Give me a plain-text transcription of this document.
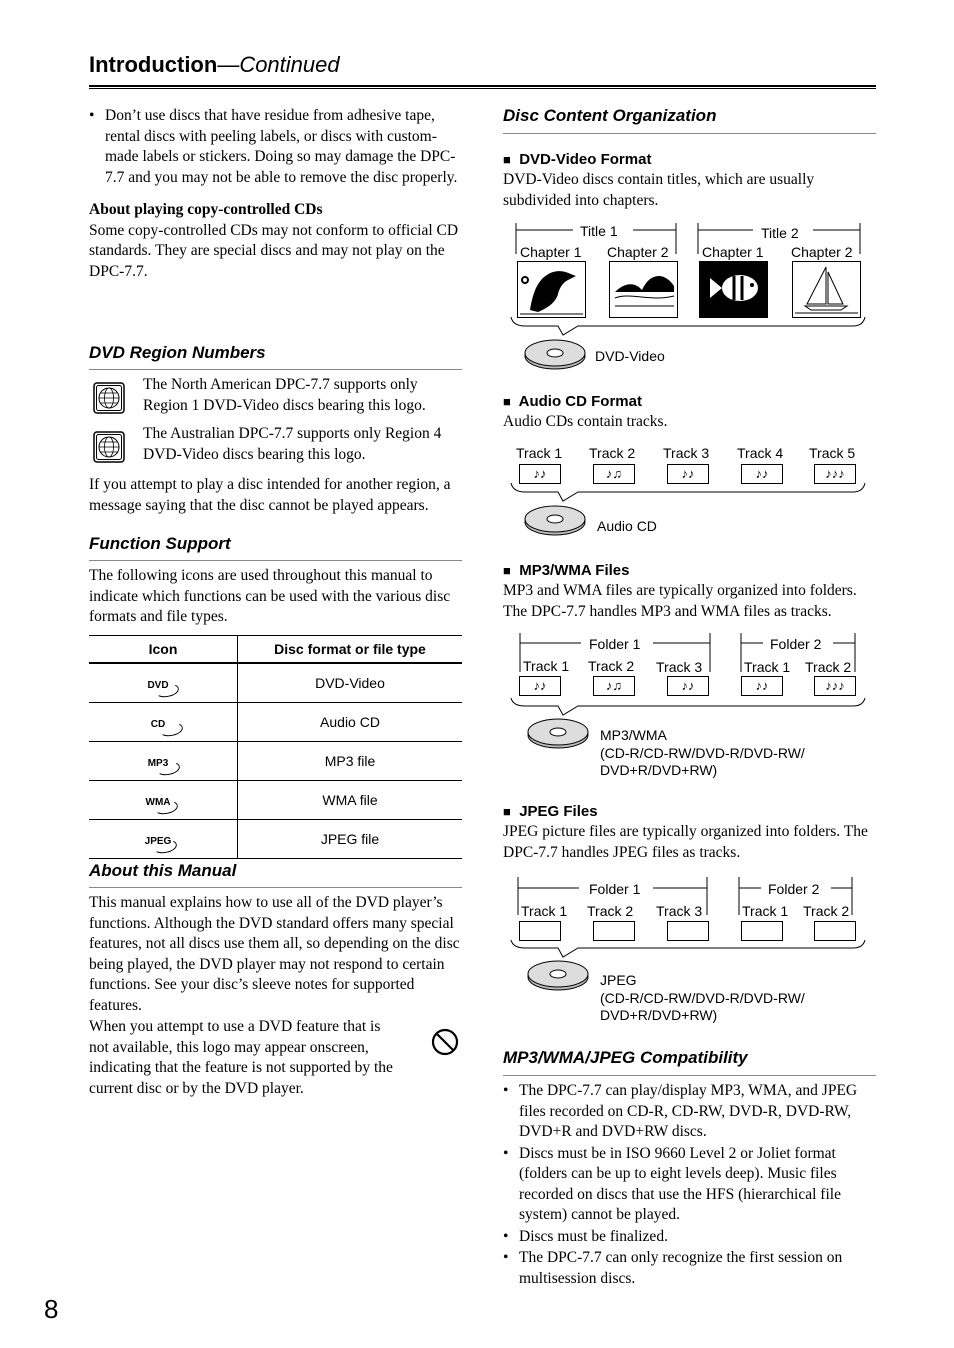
Introduction—Continued
8

• Don’t use discs that have residue from adhesive tape, rental discs with peeling labels, or discs with custom-made labels or stickers. Doing so may damage the DPC-7.7 and you may not be able to remove the disc properly.

About playing copy-controlled CDs

Some copy-controlled CDs may not conform to official CD standards. They are special discs and may not play on the DPC-7.7.

DVD Region Numbers
The North American DPC-7.7 supports only Region 1 DVD-Video discs bearing this logo.
The Australian DPC-7.7 supports only Region 4 DVD-Video discs bearing this logo.
If you attempt to play a disc intended for another region, a message saying that the disc cannot be played appears.
Function Support
The following icons are used throughout this manual to indicate which functions can be used with the various disc formats and file types.
Icon	Disc format or file type
DVD	DVD-Video
CD	Audio CD
MP3	MP3 file
WMA	WMA file
JPEG	JPEG file
About this Manual
This manual explains how to use all of the DVD player’s functions. Although the DVD standard offers many special features, not all discs use them all, so depending on the disc being played, the DVD player may not respond to certain functions. See your disc’s sleeve notes for supported features.
When you attempt to use a DVD feature that is not available, this logo may appear onscreen, indicating that the feature is not supported by the current disc or by the DVD player.
Disc Content Organization
■ DVD-Video Format
DVD-Video discs contain titles, which are usually subdivided into chapters.
Title 1	Title 2
Chapter 1 Chapter 2 Chapter 1 Chapter 2
DVD-Video
■ Audio CD Format
Audio CDs contain tracks.
Track 1 Track 2 Track 3 Track 4 Track 5
♪♪	♪♫	♪♪	♪♪	♪♪♪
Audio CD
■ MP3/WMA Files
MP3 and WMA files are typically organized into folders. The DPC-7.7 handles MP3 and WMA files as tracks.
Folder 1	Folder 2
Track 1 Track 2 Track 3	Track 1 Track 2
♪♪	♪♫	♪♪	♪♪	♪♪♪
MP3/WMA
(CD-R/CD-RW/DVD-R/DVD-RW/
DVD+R/DVD+RW)
■ JPEG Files
JPEG picture files are typically organized into folders. The DPC-7.7 handles JPEG files as tracks.
Folder 1	Folder 2
Track 1 Track 2 Track 3	Track 1 Track 2
JPEG
(CD-R/CD-RW/DVD-R/DVD-RW/
DVD+R/DVD+RW)
MP3/WMA/JPEG Compatibility

• The DPC-7.7 can play/display MP3, WMA, and JPEG files recorded on CD-R, CD-RW, DVD-R, DVD-RW, DVD+R and DVD+RW discs.

• Discs must be in ISO 9660 Level 2 or Joliet format (folders can be up to eight levels deep). Music files recorded on discs that use the HFS (hierarchical file system) cannot be played.

• Discs must be finalized.

• The DPC-7.7 can only recognize the first session on multisession discs.
